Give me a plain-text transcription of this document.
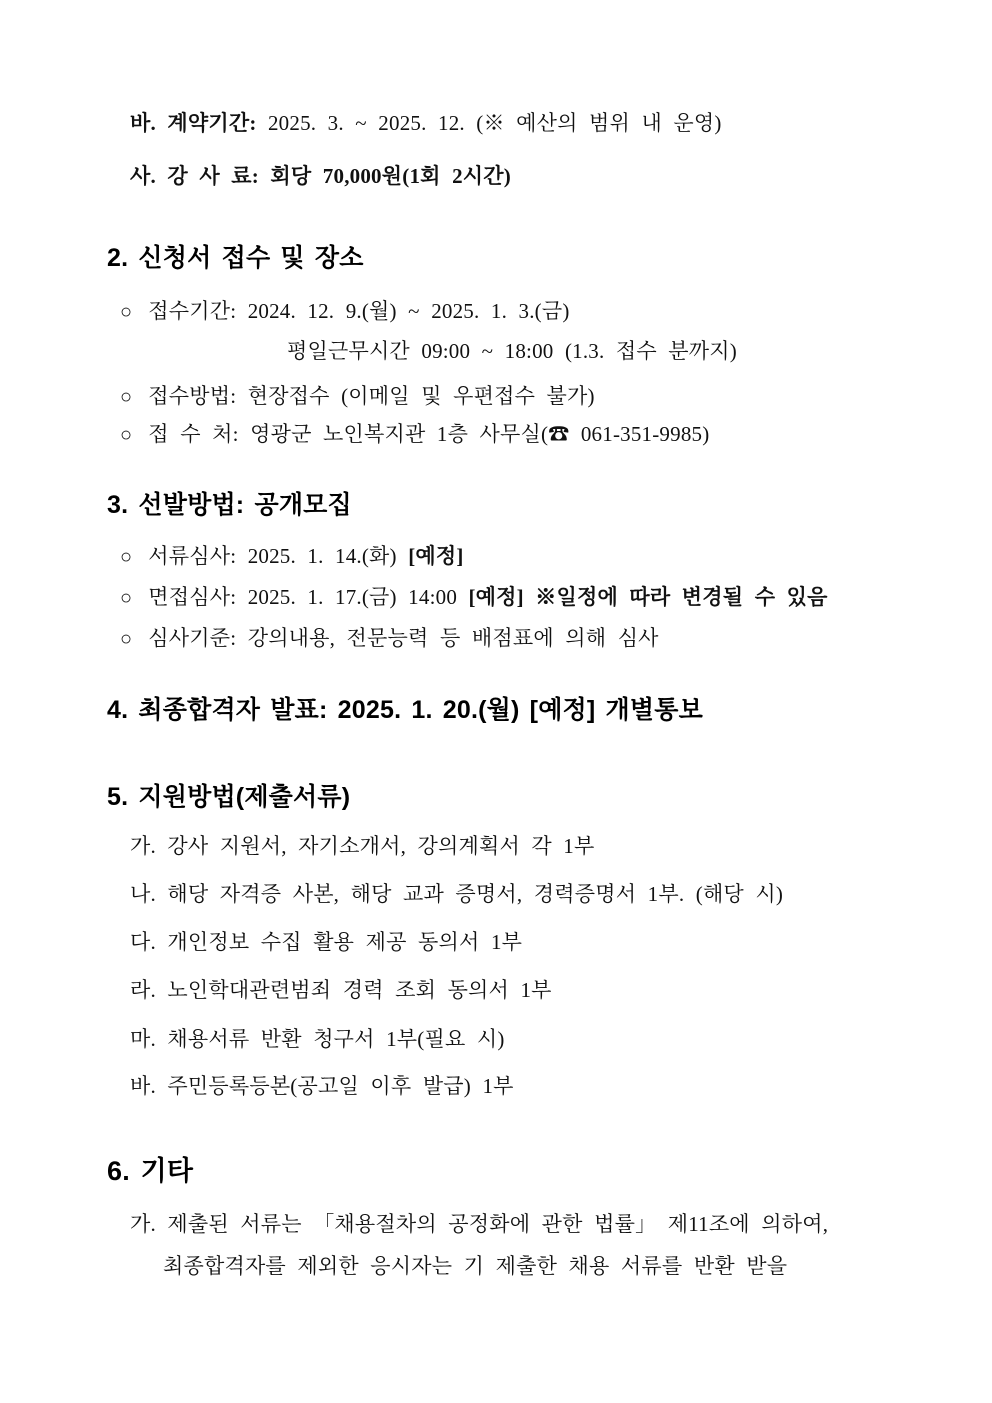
바. 계약기간: 2025. 3. ~ 2025. 12. (※ 예산의 범위 내 운영)
사. 강 사 료: 회당 70,000원(1회 2시간)
2. 신청서 접수 및 장소
○ 접수기간: 2024. 12. 9.(월) ~ 2025. 1. 3.(금)
평일근무시간 09:00 ~ 18:00 (1.3. 접수 분까지)
○ 접수방법: 현장접수 (이메일 및 우편접수 불가)
○ 접 수 처: 영광군 노인복지관 1층 사무실(☎ 061-351-9985)
3. 선발방법: 공개모집
○ 서류심사: 2025. 1. 14.(화) [예정]
○ 면접심사: 2025. 1. 17.(금) 14:00 [예정] ※일정에 따라 변경될 수 있음
○ 심사기준: 강의내용, 전문능력 등 배점표에 의해 심사
4. 최종합격자 발표: 2025. 1. 20.(월) [예정] 개별통보
5. 지원방법(제출서류)
가. 강사 지원서, 자기소개서, 강의계획서 각 1부
나. 해당 자격증 사본, 해당 교과 증명서, 경력증명서 1부. (해당 시)
다. 개인정보 수집 활용 제공 동의서 1부
라. 노인학대관련범죄 경력 조회 동의서 1부
마. 채용서류 반환 청구서 1부(필요 시)
바. 주민등록등본(공고일 이후 발급) 1부
6. 기타
가. 제출된 서류는 「채용절차의 공정화에 관한 법률」 제11조에 의하여,
최종합격자를 제외한 응시자는 기 제출한 채용 서류를 반환 받을
